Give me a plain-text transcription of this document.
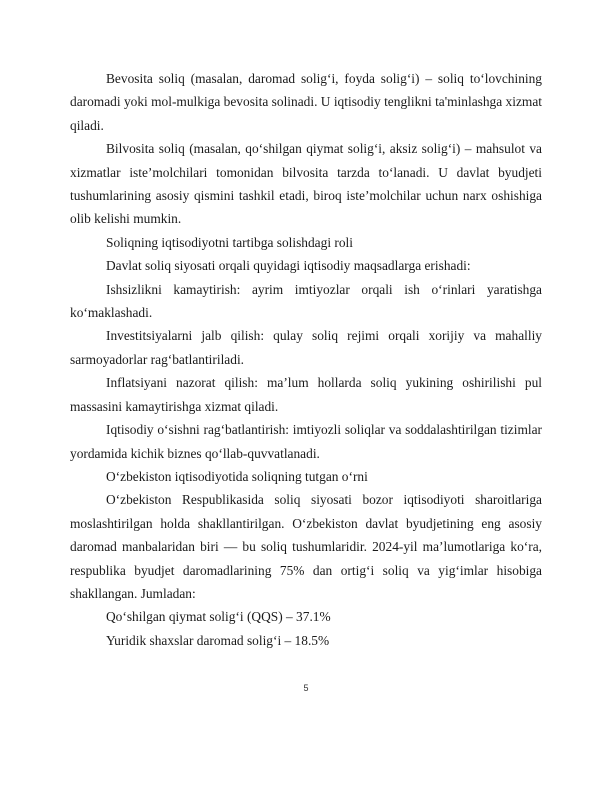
Bevosita soliq (masalan, daromad solig‘i, foyda solig‘i) – soliq to‘lovchining daromadi yoki mol-mulkiga bevosita solinadi. U iqtisodiy tenglikni ta'minlashga xizmat qiladi.

Bilvosita soliq (masalan, qo‘shilgan qiymat solig‘i, aksiz solig‘i) – mahsulot va xizmatlar iste’molchilari tomonidan bilvosita tarzda to‘lanadi. U davlat byudjeti tushumlarining asosiy qismini tashkil etadi, biroq iste’molchilar uchun narx oshishiga olib kelishi mumkin.

Soliqning iqtisodiyotni tartibga solishdagi roli

Davlat soliq siyosati orqali quyidagi iqtisodiy maqsadlarga erishadi:

Ishsizlikni kamaytirish: ayrim imtiyozlar orqali ish o‘rinlari yaratishga ko‘maklashadi.

Investitsiyalarni jalb qilish: qulay soliq rejimi orqali xorijiy va mahalliy sarmoyadorlar rag‘batlantiriladi.

Inflatsiyani nazorat qilish: ma’lum hollarda soliq yukining oshirilishi pul massasini kamaytirishga xizmat qiladi.

Iqtisodiy o‘sishni rag‘batlantirish: imtiyozli soliqlar va soddalashtirilgan tizimlar yordamida kichik biznes qo‘llab-quvvatlanadi.

O‘zbekiston iqtisodiyotida soliqning tutgan o‘rni

O‘zbekiston Respublikasida soliq siyosati bozor iqtisodiyoti sharoitlariga moslashtirilgan holda shakllantirilgan. O‘zbekiston davlat byudjetining eng asosiy daromad manbalaridan biri — bu soliq tushumlaridir. 2024-yil ma’lumotlariga ko‘ra, respublika byudjet daromadlarining 75% dan ortig‘i soliq va yig‘imlar hisobiga shakllangan. Jumladan:

Qo‘shilgan qiymat solig‘i (QQS) – 37.1%

Yuridik shaxslar daromad solig‘i – 18.5%

5
